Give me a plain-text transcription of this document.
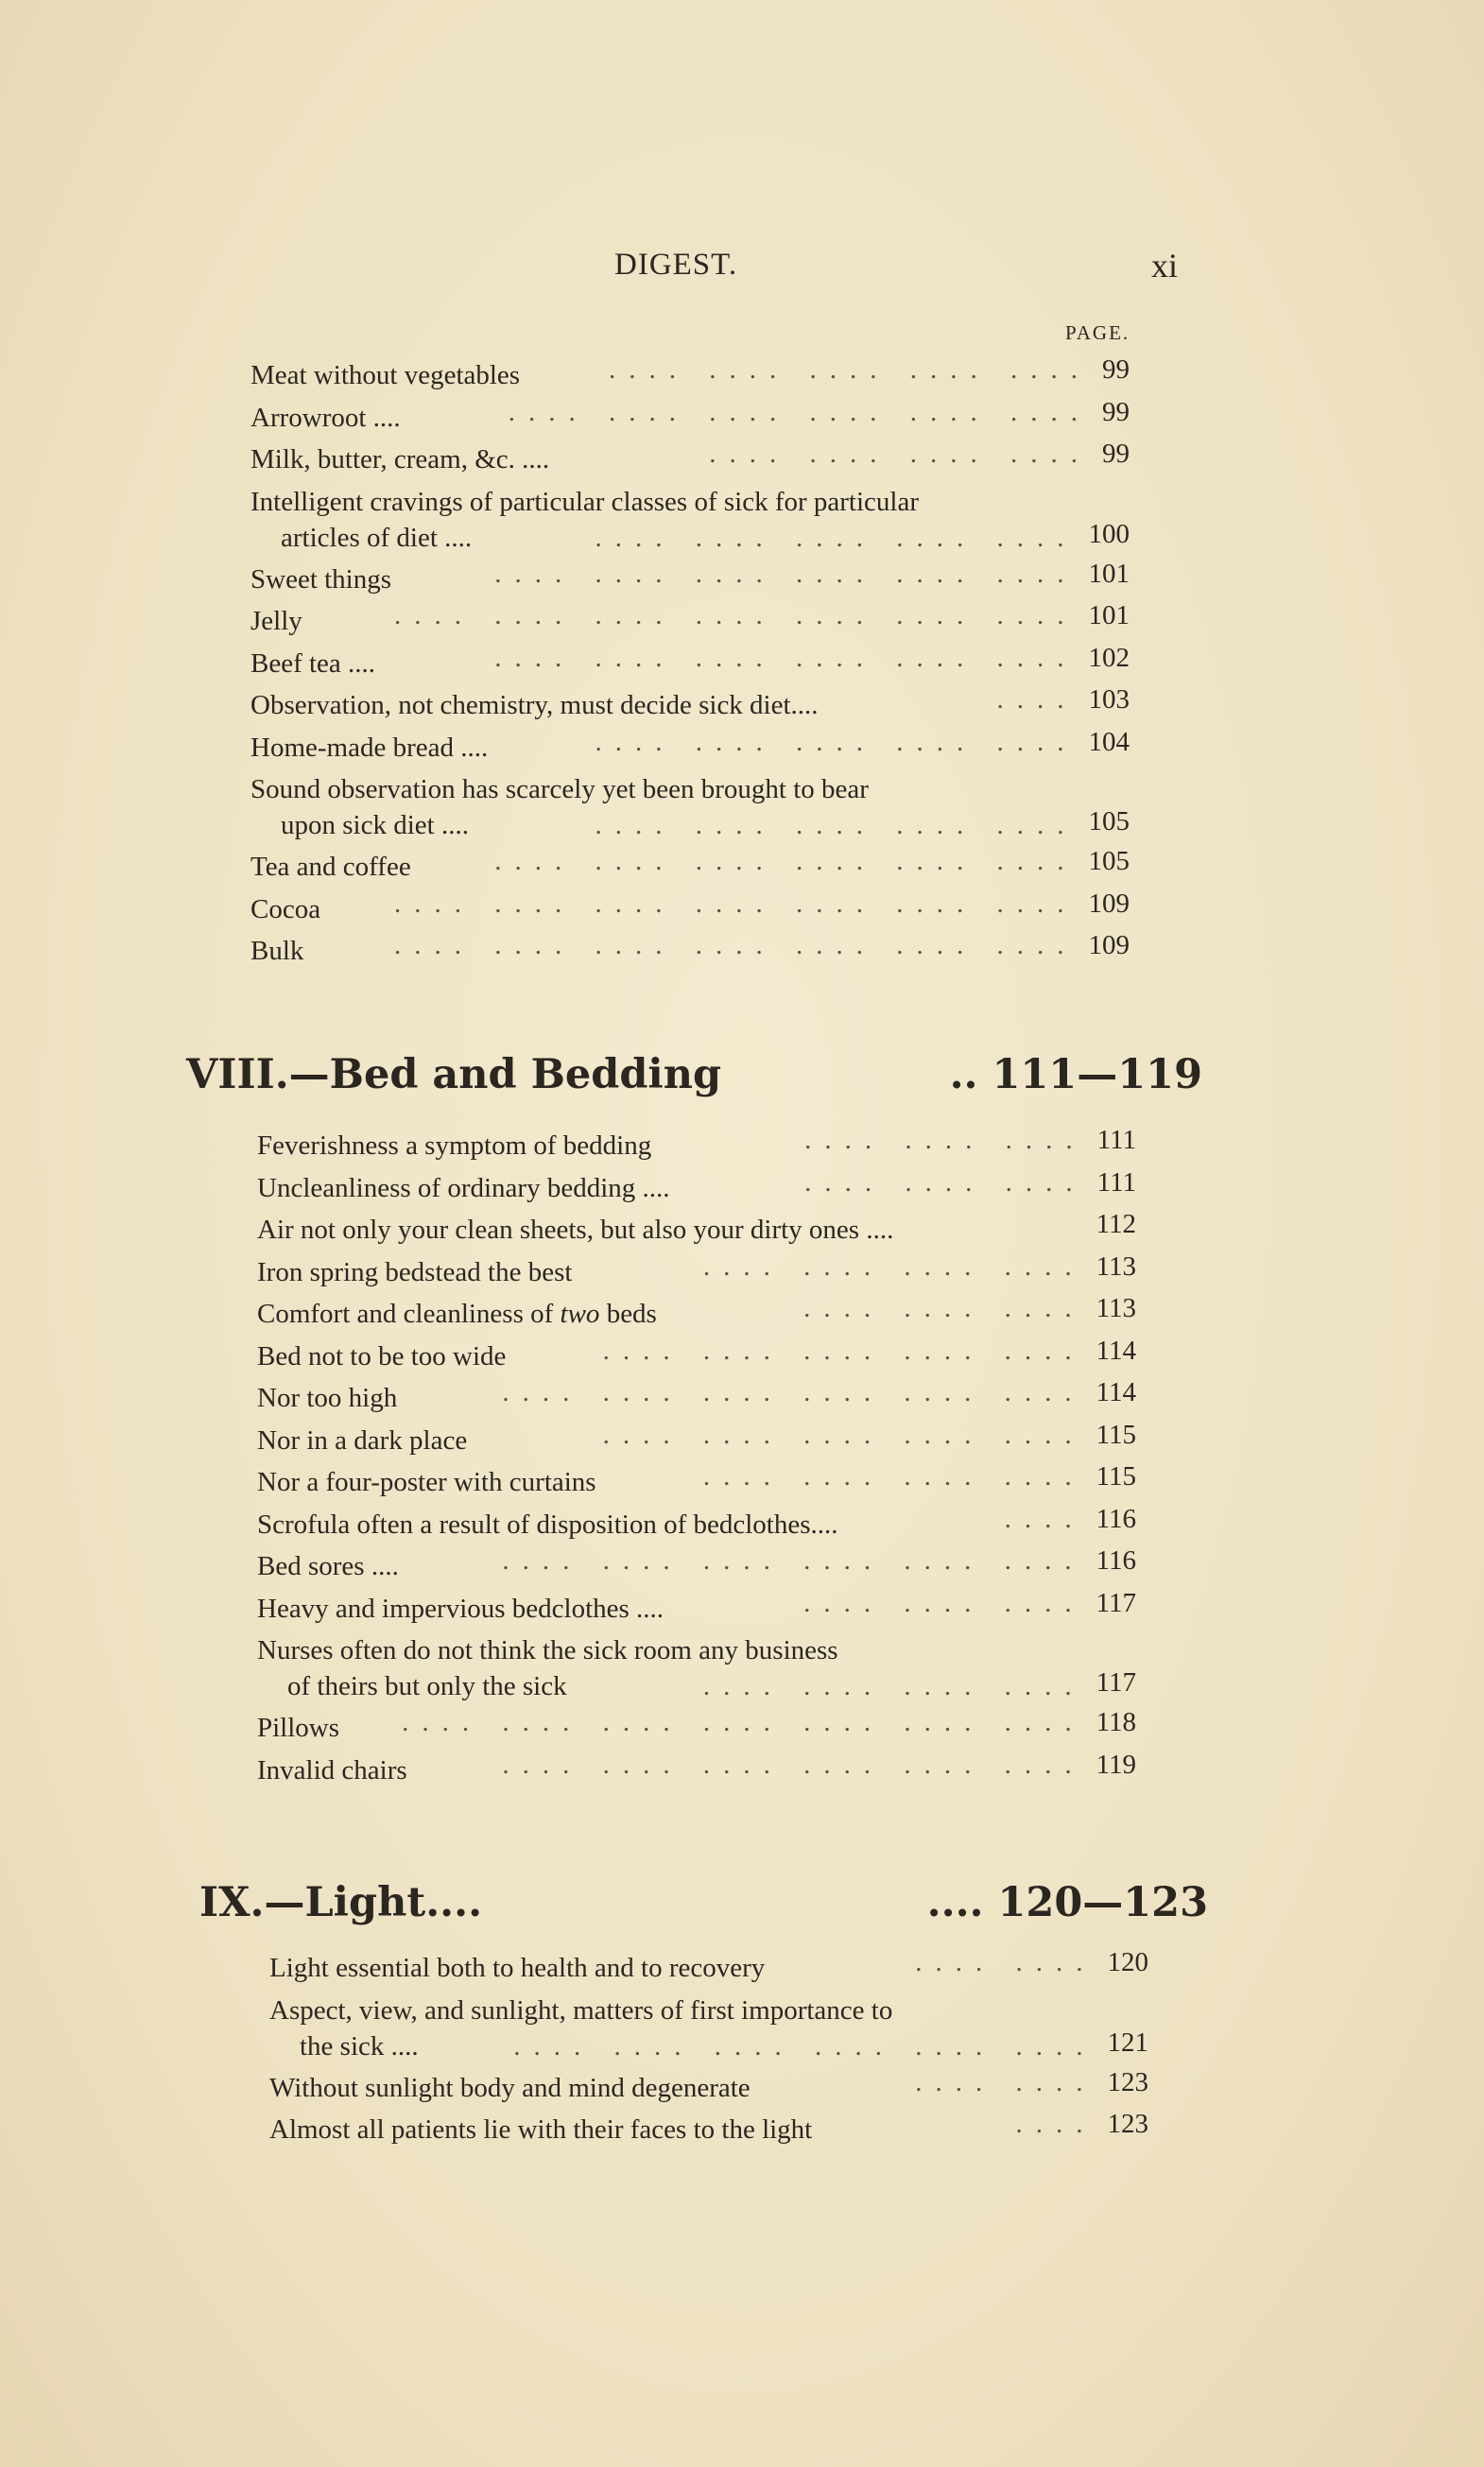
DIGEST.	xi
PAGE.
Meat without vegetables	.... .... .... .... .... 99
Arrowroot ....	.... .... .... .... .... .... 99
Milk, butter, cream, &c. ....	.... .... .... .... 99
Intelligent cravings of particular classes of sick for particular
articles of diet ....	.... .... .... .... .... 100
Sweet things	.... .... .... .... .... .... 101
Jelly	.... .... .... .... .... .... .... 101
Beef tea ....	.... .... .... .... .... .... 102
Observation, not chemistry, must decide sick diet....	.... 103
Home-made bread ....	.... .... .... .... .... 104
Sound observation has scarcely yet been brought to bear
upon sick diet ....	.... .... .... .... .... 105
Tea and coffee	.... .... .... .... .... .... 105
Cocoa	.... .... .... .... .... .... .... 109
Bulk	.... .... .... .... .... .... .... 109
VIII.—Bed and Bedding	.. 111—119
Feverishness a symptom of bedding	.... .... .... 111
Uncleanliness of ordinary bedding ....	.... .... .... 111
Air not only your clean sheets, but also your dirty ones ....	112
Iron spring bedstead the best	.... .... .... .... 113
Comfort and cleanliness of two beds	.... .... .... 113
Bed not to be too wide	.... .... .... .... .... 114
Nor too high	.... .... .... .... .... .... 114
Nor in a dark place	.... .... .... .... .... 115
Nor a four-poster with curtains	.... .... .... .... 115
Scrofula often a result of disposition of bedclothes....	.... 116
Bed sores ....	.... .... .... .... .... .... 116
Heavy and impervious bedclothes ....	.... .... .... 117
Nurses often do not think the sick room any business
of theirs but only the sick	.... .... .... .... 117
Pillows .... .... .... .... .... .... .... 118
Invalid chairs	.... .... .... .... .... .... 119
IX.—Light....	.... 120—123
Light essential both to health and to recovery	.... .... 120
Aspect, view, and sunlight, matters of first importance to
the sick ....	.... .... .... .... .... .... 121
Without sunlight body and mind degenerate	.... .... 123
Almost all patients lie with their faces to the light	.... 123
